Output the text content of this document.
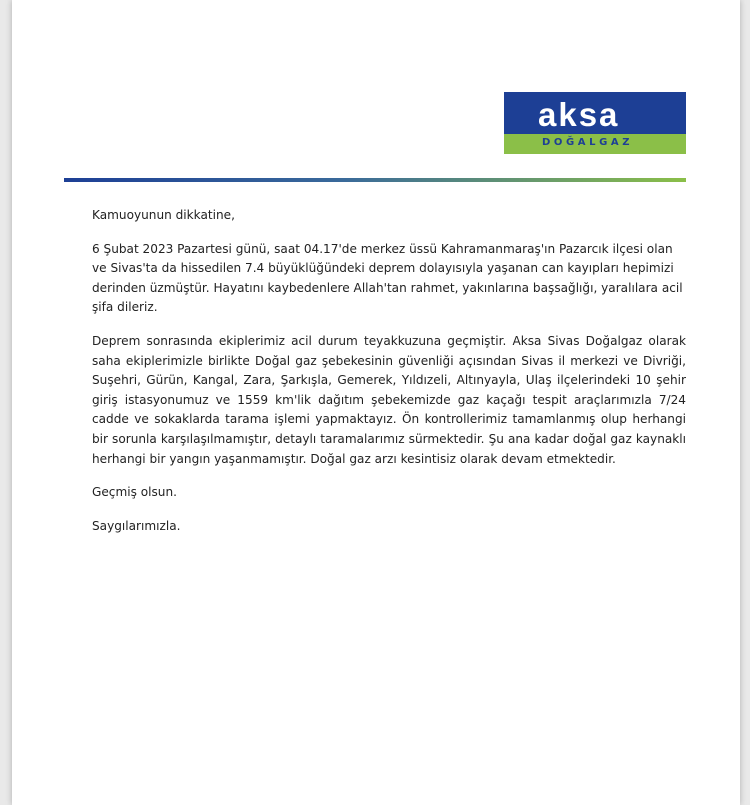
aksa
DOĞALGAZ

Kamuoyunun dikkatine,

6 Şubat 2023 Pazartesi günü, saat 04.17'de merkez üssü Kahramanmaraş'ın Pazarcık ilçesi olan ve Sivas'ta da hissedilen 7.4 büyüklüğündeki deprem dolayısıyla yaşanan can kayıpları hepimizi derinden üzmüştür. Hayatını kaybedenlere Allah'tan rahmet, yakınlarına başsağlığı, yaralılara acil şifa dileriz.

Deprem sonrasında ekiplerimiz acil durum teyakkuzuna geçmiştir. Aksa Sivas Doğalgaz olarak saha ekiplerimizle birlikte Doğal gaz şebekesinin güvenliği açısından Sivas il merkezi ve Divriği, Suşehri, Gürün, Kangal, Zara, Şarkışla, Gemerek, Yıldızeli, Altınyayla, Ulaş ilçelerindeki 10 şehir giriş istasyonumuz ve 1559 km'lik dağıtım şebekemizde gaz kaçağı tespit araçlarımızla 7/24 cadde ve sokaklarda tarama işlemi yapmaktayız. Ön kontrollerimiz tamamlanmış olup herhangi bir sorunla karşılaşılmamıştır, detaylı taramalarımız sürmektedir. Şu ana kadar doğal gaz kaynaklı herhangi bir yangın yaşanmamıştır. Doğal gaz arzı kesintisiz olarak devam etmektedir.

Geçmiş olsun.

Saygılarımızla.
